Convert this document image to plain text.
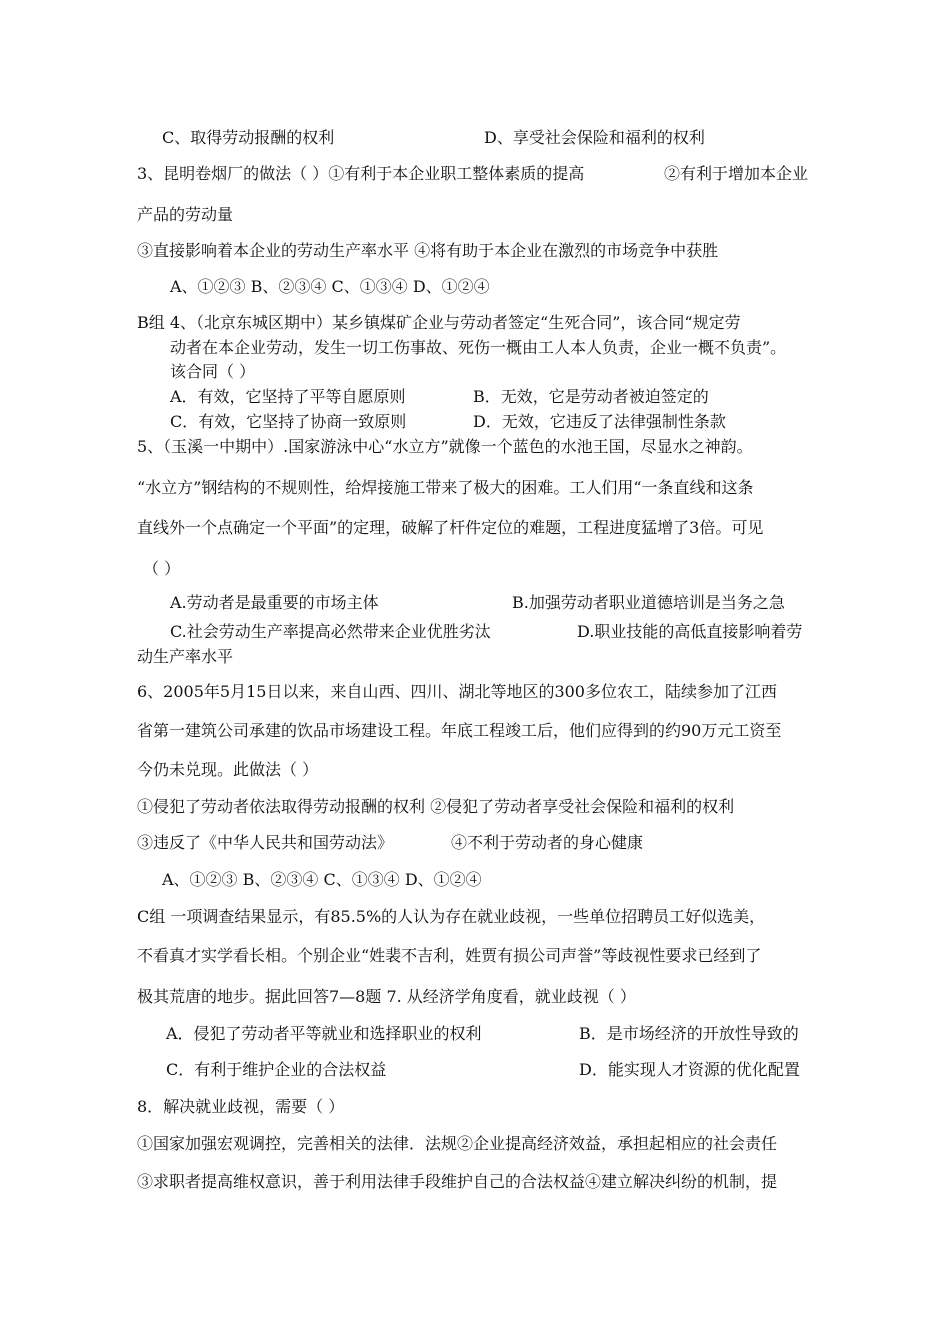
C、取得劳动报酬的权利	D、享受社会保险和福利的权利
3、昆明卷烟厂的做法（ ）①有利于本企业职工整体素质的提高	②有利于增加本企业
产品的劳动量
③直接影响着本企业的劳动生产率水平 ④将有助于本企业在激烈的市场竞争中获胜
A、①②③ B、②③④ C、①③④ D、①②④
B组 4、（北京东城区期中）某乡镇煤矿企业与劳动者签定“生死合同”，该合同“规定劳
动者在本企业劳动，发生一切工伤事故、死伤一概由工人本人负责，企业一概不负责”。
该合同（ ）
A．有效，它坚持了平等自愿原则	B．无效，它是劳动者被迫签定的
C．有效，它坚持了协商一致原则	D．无效，它违反了法律强制性条款
5、（玉溪一中期中）.国家游泳中心“水立方”就像一个蓝色的水池王国，尽显水之神韵。
“水立方”钢结构的不规则性，给焊接施工带来了极大的困难。工人们用“一条直线和这条
直线外一个点确定一个平面”的定理，破解了杆件定位的难题，工程进度猛增了3倍。可见
（ ）
A.劳动者是最重要的市场主体	B.加强劳动者职业道德培训是当务之急
C.社会劳动生产率提高必然带来企业优胜劣汰	D.职业技能的高低直接影响着劳
动生产率水平
6、2005年5月15日以来，来自山西、四川、湖北等地区的300多位农工，陆续参加了江西
省第一建筑公司承建的饮品市场建设工程。年底工程竣工后，他们应得到的约90万元工资至
今仍未兑现。此做法（ ）
①侵犯了劳动者依法取得劳动报酬的权利 ②侵犯了劳动者享受社会保险和福利的权利
③违反了《中华人民共和国劳动法》	④不利于劳动者的身心健康
A、①②③ B、②③④ C、①③④ D、①②④
C组 一项调查结果显示，有85.5%的人认为存在就业歧视，一些单位招聘员工好似选美，
不看真才实学看长相。个别企业“姓裴不吉利，姓贾有损公司声誉”等歧视性要求已经到了
极其荒唐的地步。据此回答7—8题 7. 从经济学角度看，就业歧视（ ）
A．侵犯了劳动者平等就业和选择职业的权利	B．是市场经济的开放性导致的
C．有利于维护企业的合法权益	D．能实现人才资源的优化配置
8．解决就业歧视，需要（ ）
①国家加强宏观调控，完善相关的法律．法规②企业提高经济效益，承担起相应的社会责任
③求职者提高维权意识，善于利用法律手段维护自己的合法权益④建立解决纠纷的机制，提
